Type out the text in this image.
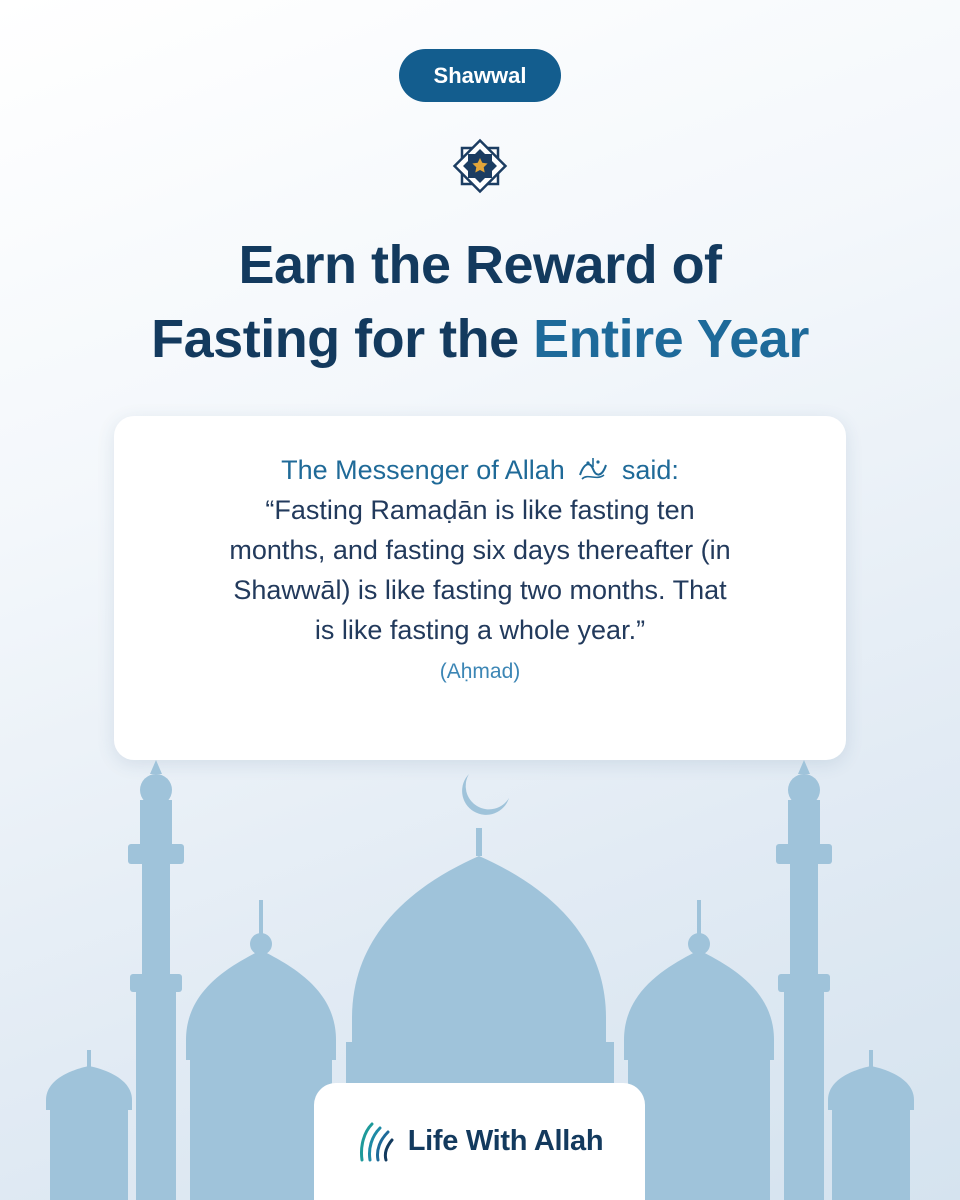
Shawwal
Earn the Reward of
Fasting for the Entire Year
The Messenger of Allah said:
“Fasting Ramaḍān is like fasting ten
months, and fasting six days thereafter (in
Shawwāl) is like fasting two months. That
is like fasting a whole year.”
(Aḥmad)
Life With Allah
